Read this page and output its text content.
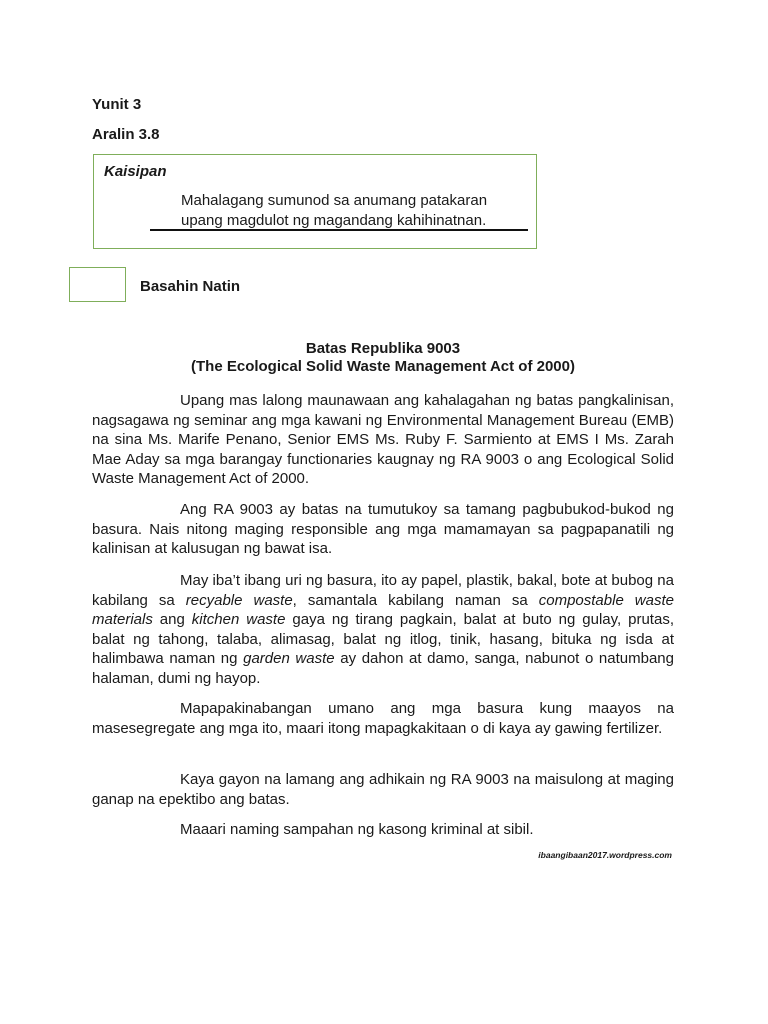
Yunit 3
Aralin 3.8
Kaisipan
Mahalagang sumunod sa anumang patakaran
upang magdulot ng magandang kahihinatnan.
Basahin Natin
Batas Republika 9003
(The Ecological Solid Waste Management Act of 2000)
Upang mas lalong maunawaan ang kahalagahan ng batas pangkalinisan, nagsagawa ng seminar ang mga kawani ng Environmental Management Bureau (EMB) na sina Ms. Marife Penano, Senior EMS Ms. Ruby F. Sarmiento at EMS I Ms. Zarah Mae Aday sa mga barangay functionaries kaugnay ng RA 9003 o ang Ecological Solid Waste Management Act of 2000.
Ang RA 9003 ay batas na tumutukoy sa tamang pagbubukod-bukod ng basura. Nais nitong maging responsible ang mga mamamayan sa pagpapanatili ng kalinisan at kalusugan ng bawat isa.
May iba’t ibang uri ng basura, ito ay papel, plastik, bakal, bote at bubog na kabilang sa recyable waste, samantala kabilang naman sa compostable waste materials ang kitchen waste gaya ng tirang pagkain, balat at buto ng gulay, prutas, balat ng tahong, talaba, alimasag, balat ng itlog, tinik, hasang, bituka ng isda at halimbawa naman ng garden waste ay dahon at damo, sanga, nabunot o natumbang halaman, dumi ng hayop.
Mapapakinabangan umano ang mga basura kung maayos na masesegregate ang mga ito, maari itong mapagkakitaan o di kaya ay gawing fertilizer.
Kaya gayon na lamang ang adhikain ng RA 9003 na maisulong at maging ganap na epektibo ang batas.
Maaari naming sampahan ng kasong kriminal at sibil.
ibaangibaan2017.wordpress.com
